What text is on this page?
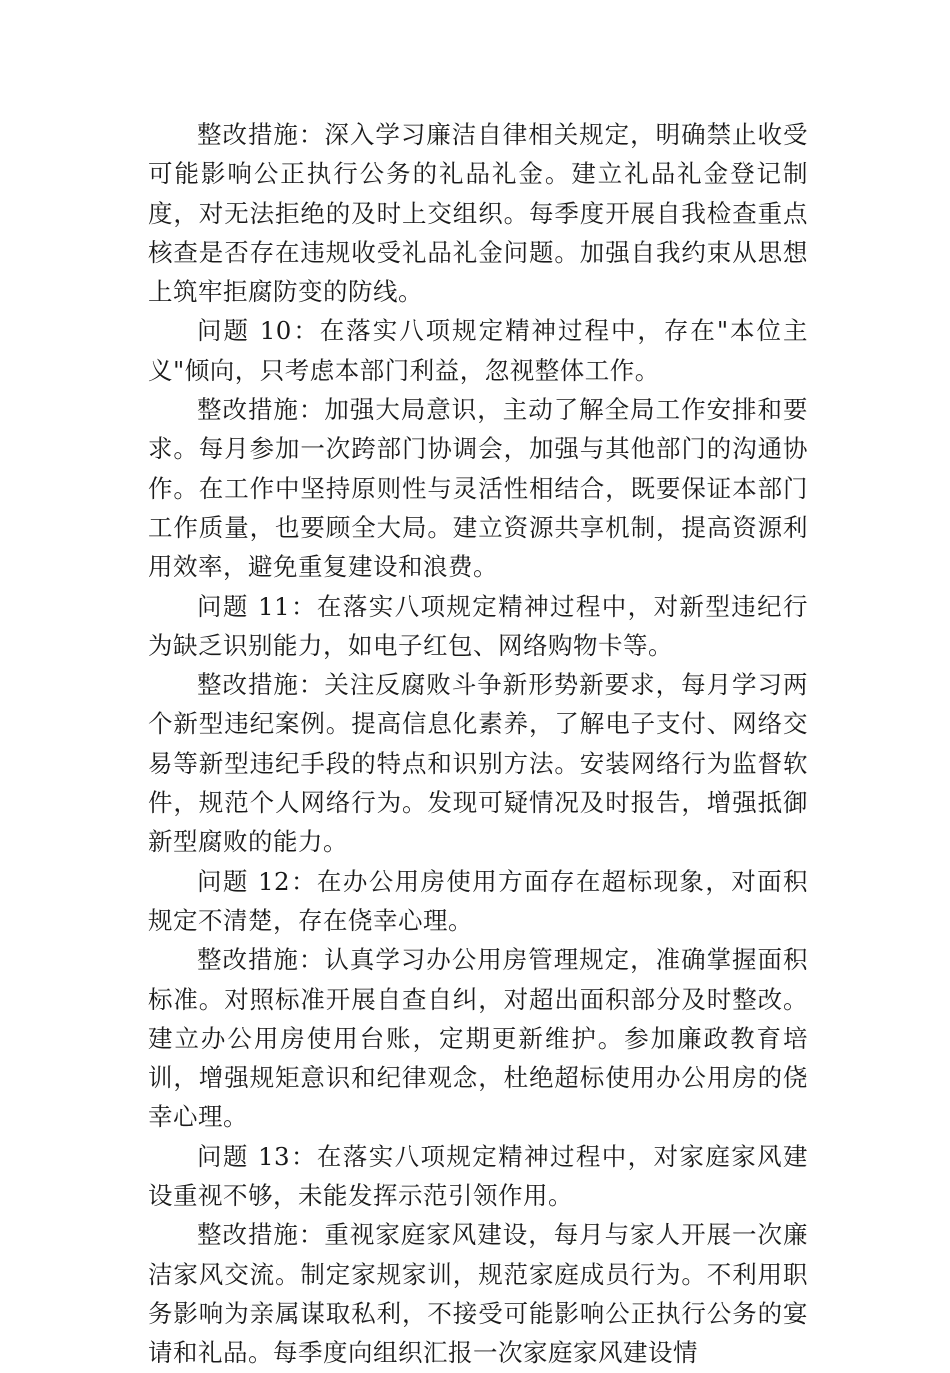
整改措施：深入学习廉洁自律相关规定，明确禁止收受可能影响公正执行公务的礼品礼金。建立礼品礼金登记制度，对无法拒绝的及时上交组织。每季度开展自我检查重点核查是否存在违规收受礼品礼金问题。加强自我约束从思想上筑牢拒腐防变的防线。

问题 10：在落实八项规定精神过程中，存在"本位主义"倾向，只考虑本部门利益，忽视整体工作。

整改措施：加强大局意识，主动了解全局工作安排和要求。每月参加一次跨部门协调会，加强与其他部门的沟通协作。在工作中坚持原则性与灵活性相结合，既要保证本部门工作质量，也要顾全大局。建立资源共享机制，提高资源利用效率，避免重复建设和浪费。

问题 11：在落实八项规定精神过程中，对新型违纪行为缺乏识别能力，如电子红包、网络购物卡等。

整改措施：关注反腐败斗争新形势新要求，每月学习两个新型违纪案例。提高信息化素养，了解电子支付、网络交易等新型违纪手段的特点和识别方法。安装网络行为监督软件，规范个人网络行为。发现可疑情况及时报告，增强抵御新型腐败的能力。

问题 12：在办公用房使用方面存在超标现象，对面积规定不清楚，存在侥幸心理。

整改措施：认真学习办公用房管理规定，准确掌握面积标准。对照标准开展自查自纠，对超出面积部分及时整改。建立办公用房使用台账，定期更新维护。参加廉政教育培训，增强规矩意识和纪律观念，杜绝超标使用办公用房的侥幸心理。

问题 13：在落实八项规定精神过程中，对家庭家风建设重视不够，未能发挥示范引领作用。

整改措施：重视家庭家风建设，每月与家人开展一次廉洁家风交流。制定家规家训，规范家庭成员行为。不利用职务影响为亲属谋取私利，不接受可能影响公正执行公务的宴请和礼品。每季度向组织汇报一次家庭家风建设情
